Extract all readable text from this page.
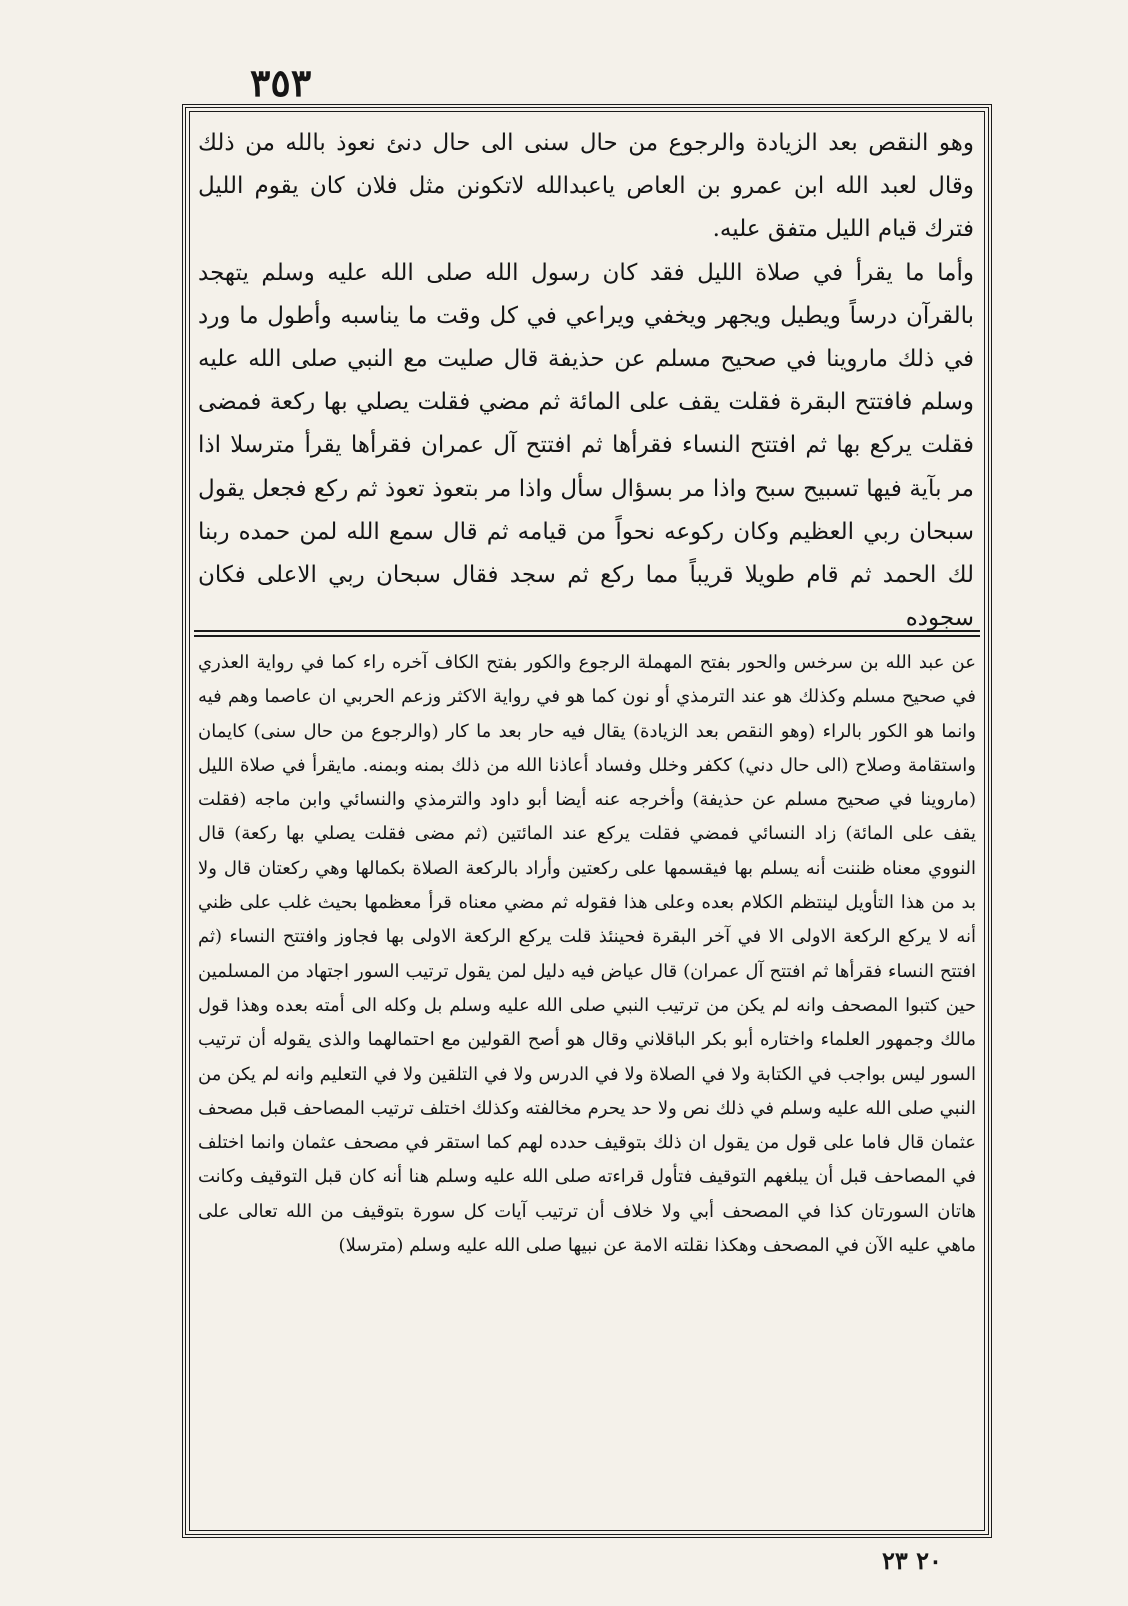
٣٥٣

وهو النقص بعد الزيادة والرجوع من حال سنى الى حال دنئ نعوذ بالله من ذلك وقال لعبد الله ابن عمرو بن العاص ياعبدالله لاتكونن مثل فلان كان يقوم الليل فترك قيام الليل متفق عليه.

وأما ما يقرأ في صلاة الليل فقد كان رسول الله صلى الله عليه وسلم يتهجد بالقرآن درساً ويطيل ويجهر ويخفي ويراعي في كل وقت ما يناسبه وأطول ما ورد في ذلك ماروينا في صحيح مسلم عن حذيفة قال صليت مع النبي صلى الله عليه وسلم فافتتح البقرة فقلت يقف على المائة ثم مضي فقلت يصلي بها ركعة فمضى فقلت يركع بها ثم افتتح النساء فقرأها ثم افتتح آل عمران فقرأها يقرأ مترسلا اذا مر بآية فيها تسبيح سبح واذا مر بسؤال سأل واذا مر بتعوذ تعوذ ثم ركع فجعل يقول سبحان ربي العظيم وكان ركوعه نحواً من قيامه ثم قال سمع الله لمن حمده ربنا لك الحمد ثم قام طويلا قريباً مما ركع ثم سجد فقال سبحان ربي الاعلى فكان سجوده

عن عبد الله بن سرخس والحور بفتح المهملة الرجوع والكور بفتح الكاف آخره راء كما في رواية العذري في صحيح مسلم وكذلك هو عند الترمذي أو نون كما هو في رواية الاكثر وزعم الحربي ان عاصما وهم فيه وانما هو الكور بالراء (وهو النقص بعد الزيادة) يقال فيه حار بعد ما كار (والرجوع من حال سنى) كايمان واستقامة وصلاح (الى حال دني) ككفر وخلل وفساد أعاذنا الله من ذلك بمنه وبمنه. مايقرأ في صلاة الليل (ماروينا في صحيح مسلم عن حذيفة) وأخرجه عنه أيضا أبو داود والترمذي والنسائي وابن ماجه (فقلت يقف على المائة) زاد النسائي فمضي فقلت يركع عند المائتين (ثم مضى فقلت يصلي بها ركعة) قال النووي معناه ظننت أنه يسلم بها فيقسمها على ركعتين وأراد بالركعة الصلاة بكمالها وهي ركعتان قال ولا بد من هذا التأويل لينتظم الكلام بعده وعلى هذا فقوله ثم مضي معناه قرأ معظمها بحيث غلب على ظني أنه لا يركع الركعة الاولى الا في آخر البقرة فحينئذ قلت يركع الركعة الاولى بها فجاوز وافتتح النساء (ثم افتتح النساء فقرأها ثم افتتح آل عمران) قال عياض فيه دليل لمن يقول ترتيب السور اجتهاد من المسلمين حين كتبوا المصحف وانه لم يكن من ترتيب النبي صلى الله عليه وسلم بل وكله الى أمته بعده وهذا قول مالك وجمهور العلماء واختاره أبو بكر الباقلاني وقال هو أصح القولين مع احتمالهما والذى يقوله أن ترتيب السور ليس بواجب في الكتابة ولا في الصلاة ولا في الدرس ولا في التلقين ولا في التعليم وانه لم يكن من النبي صلى الله عليه وسلم في ذلك نص ولا حد يحرم مخالفته وكذلك اختلف ترتيب المصاحف قبل مصحف عثمان قال فاما على قول من يقول ان ذلك بتوقيف حدده لهم كما استقر في مصحف عثمان وانما اختلف في المصاحف قبل أن يبلغهم التوقيف فتأول قراءته صلى الله عليه وسلم هنا أنه كان قبل التوقيف وكانت هاتان السورتان كذا في المصحف أبي ولا خلاف أن ترتيب آيات كل سورة بتوقيف من الله تعالى على ماهي عليه الآن في المصحف وهكذا نقلته الامة عن نبيها صلى الله عليه وسلم (مترسلا)

٢٠ ٢٣
